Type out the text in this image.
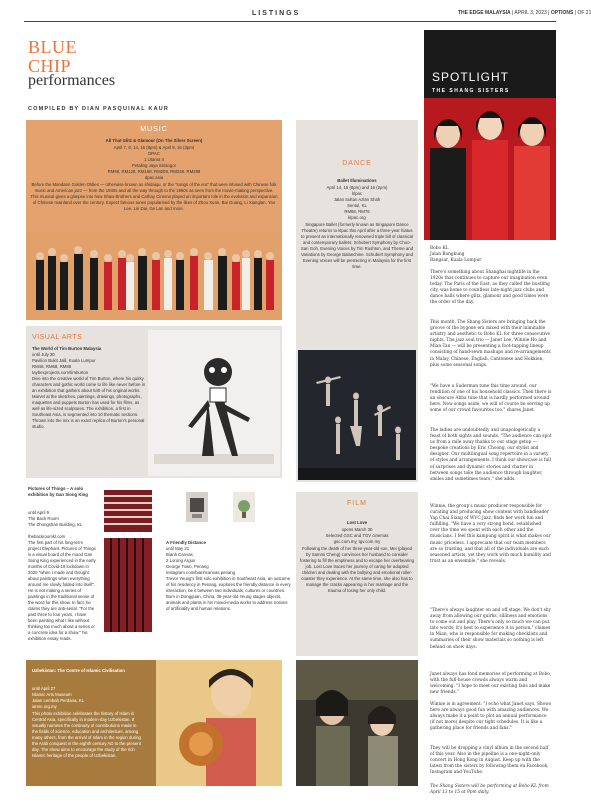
LISTINGS	THE EDGE MALAYSIA | APRIL 3, 2023 | OPTIONS | OF 21
BLUE
CHIP
performances
COMPILED BY DIAN PASQUINAL KAUR
MUSIC
All That Glitz & Glamour (On The Silver Screen)
April 7, 8, 14, 15 (8pm) & April 9, 16 (3pm)
DPAC
1 Utama II
Petaling Jaya Selangor
RM68, RM128, RM168, RM208, RM248, RM288
dpac.asia
Before the Mandarin Golden Oldies — otherwise known as shidaiqu, or the "songs of the era" that were infused with Chinese folk music and American jazz — from the 1930s and all the way through to the 1960s as seen from the movie-making perspective. This musical gives a glimpse into how Shaw Brothers and Cathay Cinema played an important role in the evolution and expansion of Chinese mainland over the century. Expect famous tunes popularised by the likes of Zhou Xuan, Bai Guang, Li Xianglan, Yao Lee, Lin Dai, Ge Lan and more.
DANCE
Ballet Illuminations
April 14, 15 (8pm) and 16 (2pm)
klpac
Jalan Sultan Azlan Shah
Sentul, KL
RM68, RM78
klpac.org
Singapore Ballet (formerly known as Singapore Dance Theatre) returns to klpac this April after a three-year hiatus to present an internationally renowned triple bill of classical and contemporary ballets: Schubert Symphony by Choo-San Goh, Evening Voices by Tim Rushton, and Theme and Variations by George Balanchine. Schubert Symphony and Evening Voices will be premiering in Malaysia for the first time.
VISUAL ARTS
The World of Tim Burton Malaysia
until July 30
Pavilion Bukit Jalil, Kuala Lumpur
RM48, RM68, RM88
taybexprojects.com/timburton
Dive into the creative world of Tim Burton, where his quirky characters and gothic world come to life like never before in an exhibition that gathers about 540 of his original works. Marvel at the sketches, paintings, drawings, photographs, maquettes and puppets Burton has used for his films, as well as life-sized sculptures. The exhibition, a first in Southeast Asia, is segmented into 10 thematic sections. Thrown into the mix is an exact replica of Burton's personal studio.
Pictures of Things – A solo exhibition by Gan Siong King
until April 9
The Back Room
The Zhongshan Building, KL
thebackroomkl.com
The first part of his long-term project Elephant, Pictures of Things is a visual board of the mood Gan Siong King experienced in the early months of Covid-19 lockdown in 2020 "when I made and thought about paintings when everything around me slowly folded into itself". He is not making a series of paintings in the traditional sense of the word for this show. In fact, he claims they are anti-serial. "For the past three to four years, I have been painting what I like without thinking too much about a series or a concrete idea for a show," his exhibition essay reads.
A Friendly Distance
until May 21
Bianh Canvas
2 Lorong Argus
George Town, Penang
instagram.com/bianhcanvas.penang
Trevor Yeung's first solo exhibition in Southeast Asia, an outcome of his residency in Penang, explores the friendly distance in every interaction, be it between two individuals, cultures or countries. Born in Dongguan, China, 35-year-old Yeung stages objects, animals and plants in his mixed-media works to address notions of artificiality and human relations.
FILM
Lost Love
opens March 30
Selected GSC and TGV cinemas
gsc.com.my, tgv.com.my
Following the death of her three-year-old son, Mei (played by Sammi Cheng) convinces her husband to consider fostering to fill the emptiness and to escape her overbearing job. Lost Love traces her journey of caring for adopted children and dealing with the bullying and emotional roller-coaster they experience. At the same time, she also has to manage the cracks appearing in her marriage and the trauma of losing her only child.
Uzbekistan: The Centre of Islamic Civilisation
until April 27
Islamic Arts Museum
Jalan Lembah Perdana, KL
iamm.org.my
This photo exhibition celebrates the history of Islam in Central Asia, specifically in modern-day Uzbekistan. It visually narrates the continuity of contributions made in the fields of science, education and architecture, among many others, from the arrival of Islam in the region during the Arab conquest in the eighth century AD to the present day. The show aims to encourage the study of the rich Islamic heritage of the people of Uzbekistan.
SPOTLIGHT
THE SHANG SISTERS
Bobo KL
Jalan Bangkung
Bangsar, Kuala Lumpur
There's something about Shanghai nightlife in the 1920s that continues to capture our imagination even today. The Paris of the East, as they called the bustling city, was home to countless late-night jazz clubs and dance halls where glitz, glamour and good times were the order of the day.
This month, The Shang Sisters are bringing back the groove of the bygone era mixed with their inimitable artistry and aesthetic to Bobo KL for three consecutive nights. The jazz soul trio — Janet Lee, Winnie Ho and Mian Tan — will be presenting a foot-tapping lineup consisting of hand-sewn mashups and re-arrangements in Malay, Chinese, English, Cantonese and Hokkien, plus some seasonal songs.
"We have a Suderman tune this time around, our rendition of one of his household classics. Then there is an obscure Abba tune that is hardly performed around here. New songs aside, we will of course be serving up some of our crowd favourites too," shares Janet.
The ladies are undoubtedly and unapologetically a feast of both sights and sounds. "The audience can spot us from a mile away thanks to our stage getup — bespoke creations by Eric Choong, our stylist and designer. Our multilingual song repertoire in a variety of styles and arrangements. I think our showcase is full of surprises and dynamic stories and chatter in between songs take the audience through laughter, smiles and sometimes tears," she adds.
Winnie, the group's music producer responsible for curating and producing show content with bandleader Yap Chai Siang of WVC Jazz, finds her work fun and fulfilling. "We have a very strong bond, established over the time we spent with each other and the musicians. I feel this kampung spirit is what makes our music priceless. I appreciate that our team members are so trusting, and that all of the individuals are each seasoned artists, yet they work with much humility and trust as an ensemble," she reveals.
"There's always laughter on and off stage. We don't shy away from allowing our quirks, silliness and emotions to come out and play. There's only so much we can put into words; it's best to experience it in person," chimes in Mian, who is responsible for making checklists and summaries of their show materials so nothing is left behind on show days.
Janet always has fond memories of performing at Bobo, with the full-house crowds always warm and welcoming. "I hope to meet our existing fans and make new friends."
Winnie is in agreement: "I echo what Janet says. Shows here are always good fun with amazing audiences. We always make it a point to plot an annual performance (if not more) despite our tight schedules. It is like a gathering place for friends and fans."
They will be dropping a vinyl album in the second half of this year. Also in the pipeline is a one-night-only concert in Hong Kong in August. Keep up with the latest from the sisters by following them on Facebook, Instagram and YouTube.
The Shang Sisters will be performing at Bobo KL from April 13 to 15 at 9pm daily.
